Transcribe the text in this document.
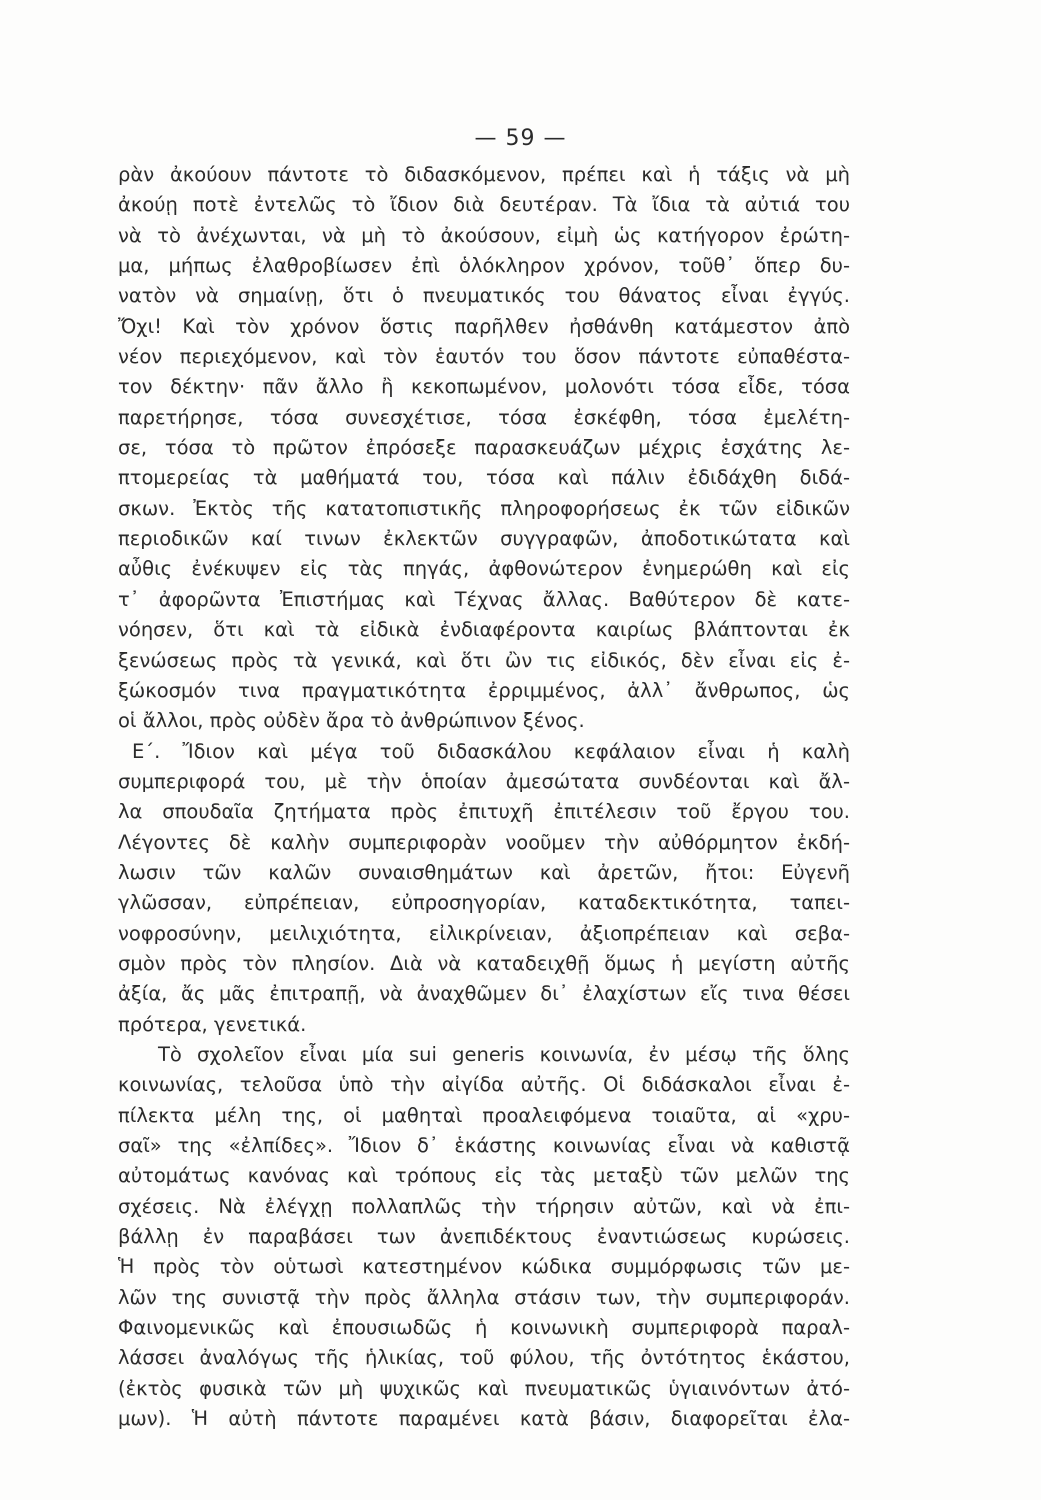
— 59 —
ρὰν ἀκούουν πάντοτε τὸ διδασκόμενον, πρέπει καὶ ἡ τάξις νὰ μὴ
ἀκούῃ ποτὲ ἐντελῶς τὸ ἴδιον διὰ δευτέραν. Τὰ ἴδια τὰ αὐτιά του
νὰ τὸ ἀνέχωνται, νὰ μὴ τὸ ἀκούσουν, εἰμὴ ὡς κατήγορον ἐρώτη-
μα, μήπως ἐλαθροβίωσεν ἐπὶ ὁλόκληρον χρόνον, τοῦθ᾽ ὅπερ δυ-
νατὸν νὰ σημαίνῃ, ὅτι ὁ πνευματικός του θάνατος εἶναι ἐγγύς.
Ὄχι! Καὶ τὸν χρόνον ὅστις παρῆλθεν ἠσθάνθη κατάμεστον ἀπὸ
νέον περιεχόμενον, καὶ τὸν ἑαυτόν του ὅσον πάντοτε εὐπαθέστα-
τον δέκτην· πᾶν ἄλλο ἢ κεκοπωμένον, μολονότι τόσα εἶδε, τόσα
παρετήρησε, τόσα συνεσχέτισε, τόσα ἐσκέφθη, τόσα ἐμελέτη-
σε, τόσα τὸ πρῶτον ἐπρόσεξε παρασκευάζων μέχρις ἐσχάτης λε-
πτομερείας τὰ μαθήματά του, τόσα καὶ πάλιν ἐδιδάχθη διδά-
σκων. Ἐκτὸς τῆς κατατοπιστικῆς πληροφορήσεως ἐκ τῶν εἰδικῶν
περιοδικῶν καί τινων ἐκλεκτῶν συγγραφῶν, ἀποδοτικώτατα καὶ
αὖθις ἐνέκυψεν εἰς τὰς πηγάς, ἀφθονώτερον ἐνημερώθη καὶ εἰς
τ᾽ ἀφορῶντα Ἐπιστήμας καὶ Τέχνας ἄλλας. Βαθύτερον δὲ κατε-
νόησεν, ὅτι καὶ τὰ εἰδικὰ ἐνδιαφέροντα καιρίως βλάπτονται ἐκ
ξενώσεως πρὸς τὰ γενικά, καὶ ὅτι ὢν τις εἰδικός, δὲν εἶναι εἰς ἐ-
ξώκοσμόν τινα πραγματικότητα ἐρριμμένος, ἀλλ᾽ ἄνθρωπος, ὡς
οἱ ἄλλοι, πρὸς οὐδὲν ἄρα τὸ ἀνθρώπινον ξένος.
Ε΄. Ἴδιον καὶ μέγα τοῦ διδασκάλου κεφάλαιον εἶναι ἡ καλὴ
συμπεριφορά του, μὲ τὴν ὁποίαν ἀμεσώτατα συνδέονται καὶ ἄλ-
λα σπουδαῖα ζητήματα πρὸς ἐπιτυχῆ ἐπιτέλεσιν τοῦ ἔργου του.
Λέγοντες δὲ καλὴν συμπεριφορὰν νοοῦμεν τὴν αὐθόρμητον ἐκδή-
λωσιν τῶν καλῶν συναισθημάτων καὶ ἀρετῶν, ἤτοι: Εὐγενῆ
γλῶσσαν, εὐπρέπειαν, εὐπροσηγορίαν, καταδεκτικότητα, ταπει-
νοφροσύνην, μειλιχιότητα, εἰλικρίνειαν, ἀξιοπρέπειαν καὶ σεβα-
σμὸν πρὸς τὸν πλησίον. Διὰ νὰ καταδειχθῇ ὅμως ἡ μεγίστη αὐτῆς
ἀξία, ἄς μᾶς ἐπιτραπῇ, νὰ ἀναχθῶμεν δι᾽ ἐλαχίστων εἴς τινα θέσει
πρότερα, γενετικά.
Τὸ σχολεῖον εἶναι μία sui generis κοινωνία, ἐν μέσῳ τῆς ὅλης
κοινωνίας, τελοῦσα ὑπὸ τὴν αἰγίδα αὐτῆς. Οἱ διδάσκαλοι εἶναι ἐ-
πίλεκτα μέλη της, οἱ μαθηταὶ προαλειφόμενα τοιαῦτα, αἱ «χρυ-
σαῖ» της «ἐλπίδες». Ἴδιον δ᾽ ἑκάστης κοινωνίας εἶναι νὰ καθιστᾷ
αὐτομάτως κανόνας καὶ τρόπους εἰς τὰς μεταξὺ τῶν μελῶν της
σχέσεις. Νὰ ἐλέγχῃ πολλαπλῶς τὴν τήρησιν αὐτῶν, καὶ νὰ ἐπι-
βάλλῃ ἐν παραβάσει των ἀνεπιδέκτους ἐναντιώσεως κυρώσεις.
Ἡ πρὸς τὸν οὑτωσὶ κατεστημένον κώδικα συμμόρφωσις τῶν με-
λῶν της συνιστᾷ τὴν πρὸς ἄλληλα στάσιν των, τὴν συμπεριφοράν.
Φαινομενικῶς καὶ ἐπουσιωδῶς ἡ κοινωνικὴ συμπεριφορὰ παραλ-
λάσσει ἀναλόγως τῆς ἡλικίας, τοῦ φύλου, τῆς ὀντότητος ἑκάστου,
(ἐκτὸς φυσικὰ τῶν μὴ ψυχικῶς καὶ πνευματικῶς ὑγιαινόντων ἀτό-
μων). Ἡ αὐτὴ πάντοτε παραμένει κατὰ βάσιν, διαφορεῖται ἐλα-
